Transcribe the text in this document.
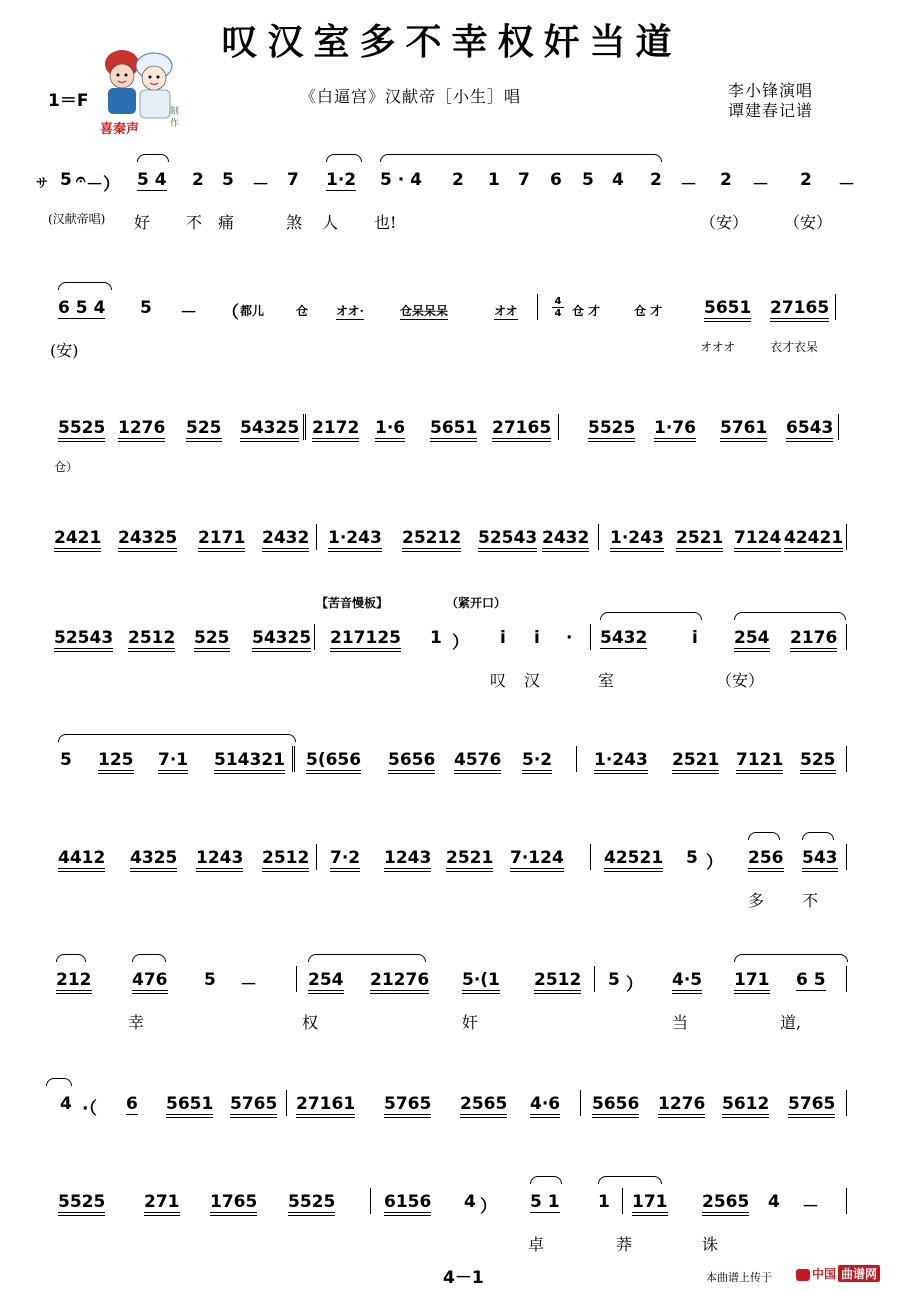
叹汉室多不幸权奸当道
喜秦声
制作
1＝F	《白逼宫》汉献帝［小生］唱	李小锋演唱
谭建春记谱
サ 5 𝄐 －） 5 4 2 5 － 7 1·2 5 · 4 2 1 7 6 5 4 2 － 2 － 2 －
(汉献帝唱) 好 不 痛	煞 人 也!	（安） （安）
6 5 4 5 － （ 都儿	仓 オオ·	仓呆呆呆	オオ	仓 才	仓 才 5651 27165
4
4
(安)	オオオ	衣才衣呆
5525 1276 525 54325 2172 1·6 5651 27165 5525 1·76 5761 6543
仓）
2421 24325 2171 2432 1·243 25212 52543 2432 1·243 2521 7124 42421
52543 2512 525 54325 217125 1 ） i i · 5432	i 254 2176
【苦音慢板】	（紧开口）
叹 汉	室	（安）
5 125 7·1 514321 5(656 5656 4576 5·2 1·243 2521 7121 525
4412 4325 1243 2512 7·2 1243 2521 7·124 42521 5 ） 256 543
多 不
212 476 5 －	254 21276 5·(1 2512 5 ） 4·5 171 6 5
幸	权	奸	当	道,
4 ·（ 6 5651 5765 27161 5765 2565 4·6 5656 1276 5612 5765
5525 271 1765 5525	6156 4 ） 5 1 1 171 2565 4 －
卓	莽	诛
4－1	本曲谱上传于	中国 曲谱网
